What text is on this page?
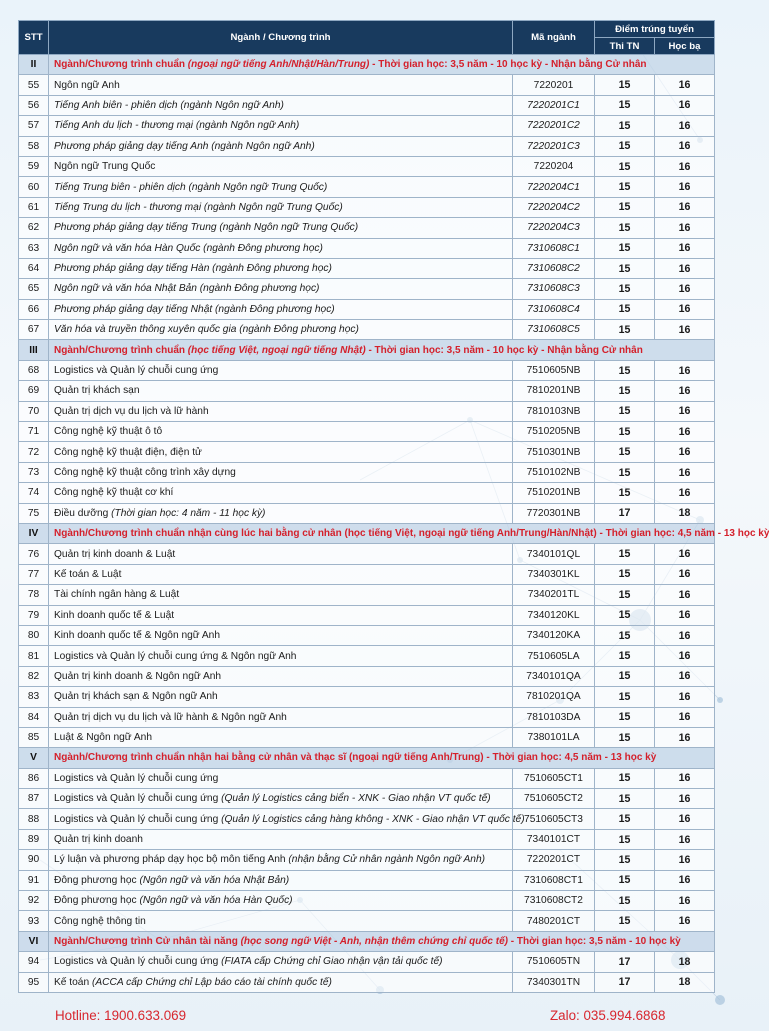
STT	Ngành / Chương trình	Mã ngành	Điểm trúng tuyển	
			Thi TN	Học bạ
II	Ngành/Chương trình chuẩn (ngoại ngữ tiếng Anh/Nhật/Hàn/Trung) - Thời gian học: 3,5 năm - 10 học kỳ - Nhận bằng Cử nhân			
55	Ngôn ngữ Anh	7220201	15	16
56	Tiếng Anh biên - phiên dịch (ngành Ngôn ngữ Anh)	7220201C1	15	16
57	Tiếng Anh du lịch - thương mại (ngành Ngôn ngữ Anh)	7220201C2	15	16
58	Phương pháp giảng dạy tiếng Anh (ngành Ngôn ngữ Anh)	7220201C3	15	16
59	Ngôn ngữ Trung Quốc	7220204	15	16
60	Tiếng Trung biên - phiên dịch (ngành Ngôn ngữ Trung Quốc)	7220204C1	15	16
61	Tiếng Trung du lịch - thương mại (ngành Ngôn ngữ Trung Quốc)	7220204C2	15	16
62	Phương pháp giảng dạy tiếng Trung (ngành Ngôn ngữ Trung Quốc)	7220204C3	15	16
63	Ngôn ngữ và văn hóa Hàn Quốc (ngành Đông phương học)	7310608C1	15	16
64	Phương pháp giảng dạy tiếng Hàn (ngành Đông phương học)	7310608C2	15	16
65	Ngôn ngữ và văn hóa Nhật Bản (ngành Đông phương học)	7310608C3	15	16
66	Phương pháp giảng dạy tiếng Nhật (ngành Đông phương học)	7310608C4	15	16
67	Văn hóa và truyền thông xuyên quốc gia (ngành Đông phương học)	7310608C5	15	16
III	Ngành/Chương trình chuẩn (học tiếng Việt, ngoại ngữ tiếng Nhật) - Thời gian học: 3,5 năm - 10 học kỳ - Nhận bằng Cử nhân			
68	Logistics và Quản lý chuỗi cung ứng	7510605NB	15	16
69	Quản trị khách sạn	7810201NB	15	16
70	Quản trị dịch vụ du lịch và lữ hành	7810103NB	15	16
71	Công nghệ kỹ thuật ô tô	7510205NB	15	16
72	Công nghệ kỹ thuật điện, điện tử	7510301NB	15	16
73	Công nghệ kỹ thuật công trình xây dựng	7510102NB	15	16
74	Công nghệ kỹ thuật cơ khí	7510201NB	15	16
75	Điều dưỡng (Thời gian học: 4 năm - 11 học kỳ)	7720301NB	17	18
IV	Ngành/Chương trình chuẩn nhận cùng lúc hai bằng cử nhân (học tiếng Việt, ngoại ngữ tiếng Anh/Trung/Hàn/Nhật) - Thời gian học: 4,5 năm - 13 học kỳ			
76	Quản trị kinh doanh & Luật	7340101QL	15	16
77	Kế toán & Luật	7340301KL	15	16
78	Tài chính ngân hàng & Luật	7340201TL	15	16
79	Kinh doanh quốc tế & Luật	7340120KL	15	16
80	Kinh doanh quốc tế & Ngôn ngữ Anh	7340120KA	15	16
81	Logistics và Quản lý chuỗi cung ứng & Ngôn ngữ Anh	7510605LA	15	16
82	Quản trị kinh doanh & Ngôn ngữ Anh	7340101QA	15	16
83	Quản trị khách sạn & Ngôn ngữ Anh	7810201QA	15	16
84	Quản trị dịch vụ du lịch và lữ hành & Ngôn ngữ Anh	7810103DA	15	16
85	Luật & Ngôn ngữ Anh	7380101LA	15	16
V	Ngành/Chương trình chuẩn nhận hai bằng cử nhân và thạc sĩ (ngoại ngữ tiếng Anh/Trung) - Thời gian học: 4,5 năm - 13 học kỳ			
86	Logistics và Quản lý chuỗi cung ứng	7510605CT1	15	16
87	Logistics và Quản lý chuỗi cung ứng (Quản lý Logistics cảng biển - XNK - Giao nhận VT quốc tế)	7510605CT2	15	16
88	Logistics và Quản lý chuỗi cung ứng (Quản lý Logistics cảng hàng không - XNK - Giao nhận VT quốc tế)	7510605CT3	15	16
89	Quản trị kinh doanh	7340101CT	15	16
90	Lý luận và phương pháp dạy học bộ môn tiếng Anh (nhận bằng Cử nhân ngành Ngôn ngữ Anh)	7220201CT	15	16
91	Đông phương học (Ngôn ngữ và văn hóa Nhật Bản)	7310608CT1	15	16
92	Đông phương học (Ngôn ngữ và văn hóa Hàn Quốc)	7310608CT2	15	16
93	Công nghệ thông tin	7480201CT	15	16
VI	Ngành/Chương trình Cử nhân tài năng (học song ngữ Việt - Anh, nhận thêm chứng chỉ quốc tế) - Thời gian học: 3,5 năm - 10 học kỳ			
94	Logistics và Quản lý chuỗi cung ứng (FIATA cấp Chứng chỉ Giao nhận vận tải quốc tế)	7510605TN	17	18
95	Kế toán (ACCA cấp Chứng chỉ Lập báo cáo tài chính quốc tế)	7340301TN	17	18
Hotline: 1900.633.069	Zalo: 035.994.6868
